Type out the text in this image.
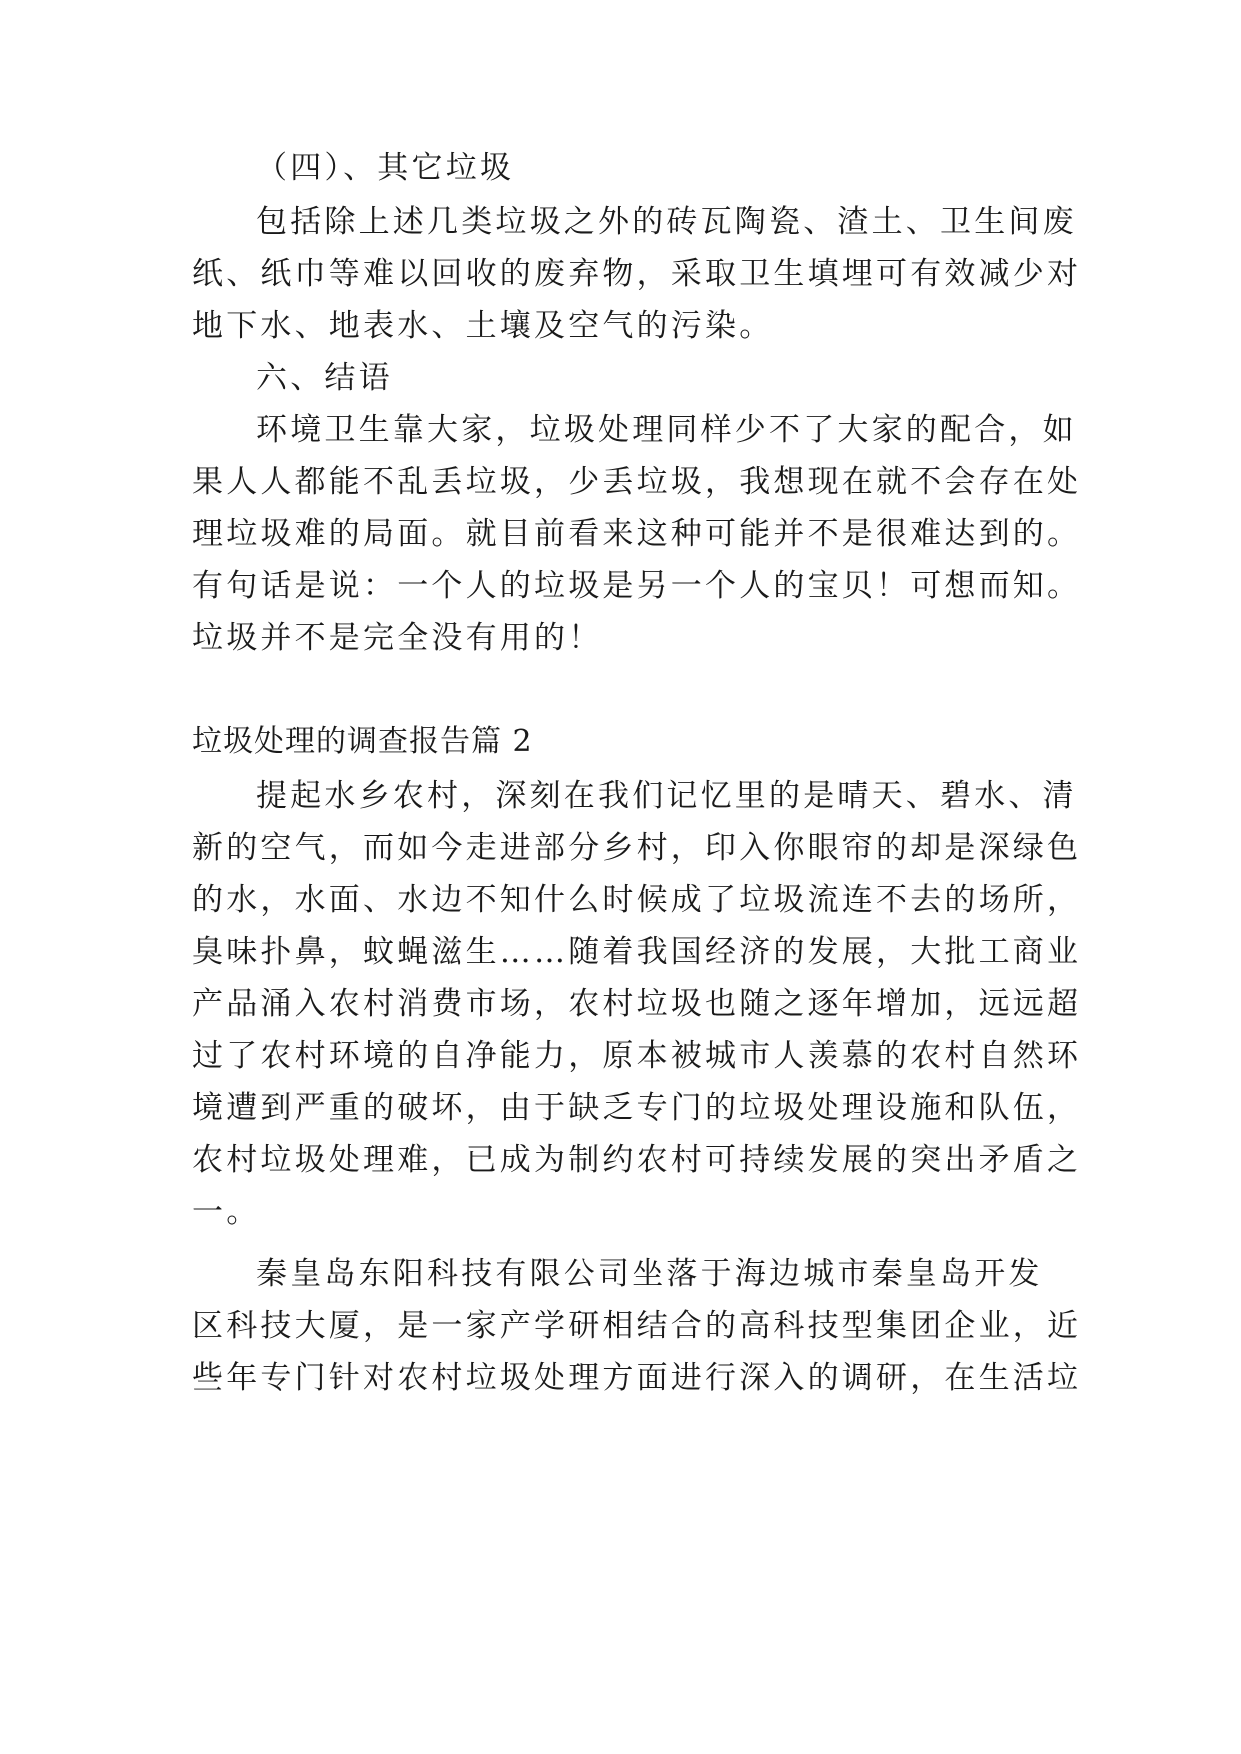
（四）、其它垃圾

包括除上述几类垃圾之外的砖瓦陶瓷、渣土、卫生间废

纸、纸巾等难以回收的废弃物，采取卫生填埋可有效减少对

地下水、地表水、土壤及空气的污染。

六、结语

环境卫生靠大家，垃圾处理同样少不了大家的配合，如

果人人都能不乱丢垃圾，少丢垃圾，我想现在就不会存在处

理垃圾难的局面。就目前看来这种可能并不是很难达到的。

有句话是说：一个人的垃圾是另一个人的宝贝！可想而知。

垃圾并不是完全没有用的！

垃圾处理的调查报告篇 2

提起水乡农村，深刻在我们记忆里的是晴天、碧水、清

新的空气，而如今走进部分乡村，印入你眼帘的却是深绿色

的水，水面、水边不知什么时候成了垃圾流连不去的场所，

臭味扑鼻，蚊蝇滋生……随着我国经济的发展，大批工商业

产品涌入农村消费市场，农村垃圾也随之逐年增加，远远超

过了农村环境的自净能力，原本被城市人羡慕的农村自然环

境遭到严重的破坏，由于缺乏专门的垃圾处理设施和队伍，

农村垃圾处理难，已成为制约农村可持续发展的突出矛盾之

一。

秦皇岛东阳科技有限公司坐落于海边城市秦皇岛开发

区科技大厦，是一家产学研相结合的高科技型集团企业，近

些年专门针对农村垃圾处理方面进行深入的调研，在生活垃
